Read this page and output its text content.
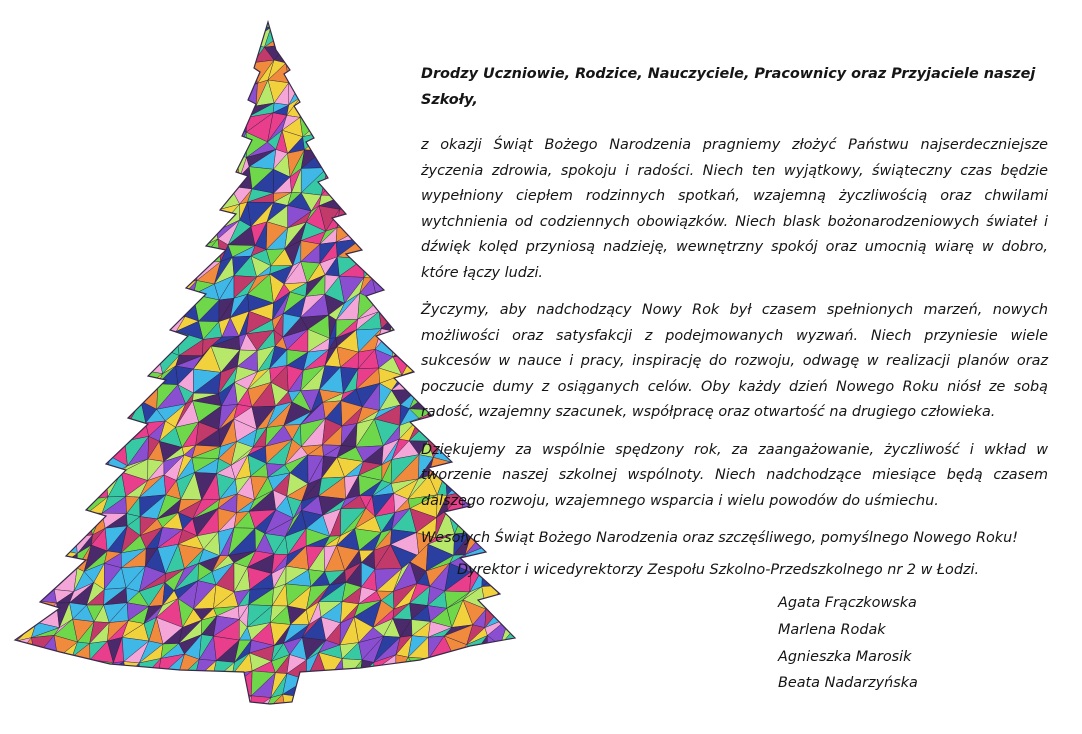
Drodzy Uczniowie, Rodzice, Nauczyciele, Pracownicy oraz Przyjaciele naszej Szkoły,

z okazji Świąt Bożego Narodzenia pragniemy złożyć Państwu najserdeczniejsze życzenia zdrowia, spokoju i radości. Niech ten wyjątkowy, świąteczny czas będzie wypełniony ciepłem rodzinnych spotkań, wzajemną życzliwością oraz chwilami wytchnienia od codziennych obowiązków. Niech blask bożonarodzeniowych świateł i dźwięk kolęd przyniosą nadzieję, wewnętrzny spokój oraz umocnią wiarę w dobro, które łączy ludzi.

Życzymy, aby nadchodzący Nowy Rok był czasem spełnionych marzeń, nowych możliwości oraz satysfakcji z podejmowanych wyzwań. Niech przyniesie wiele sukcesów w nauce i pracy, inspirację do rozwoju, odwagę w realizacji planów oraz poczucie dumy z osiąganych celów. Oby każdy dzień Nowego Roku niósł ze sobą radość, wzajemny szacunek, współpracę oraz otwartość na drugiego człowieka.

Dziękujemy za wspólnie spędzony rok, za zaangażowanie, życzliwość i wkład w tworzenie naszej szkolnej wspólnoty. Niech nadchodzące miesiące będą czasem dalszego rozwoju, wzajemnego wsparcia i wielu powodów do uśmiechu.

Wesołych Świąt Bożego Narodzenia oraz szczęśliwego, pomyślnego Nowego Roku!

Dyrektor i wicedyrektorzy Zespołu Szkolno-Przedszkolnego nr 2 w Łodzi.

Agata Frączkowska
Marlena Rodak
Agnieszka Marosik
Beata Nadarzyńska
